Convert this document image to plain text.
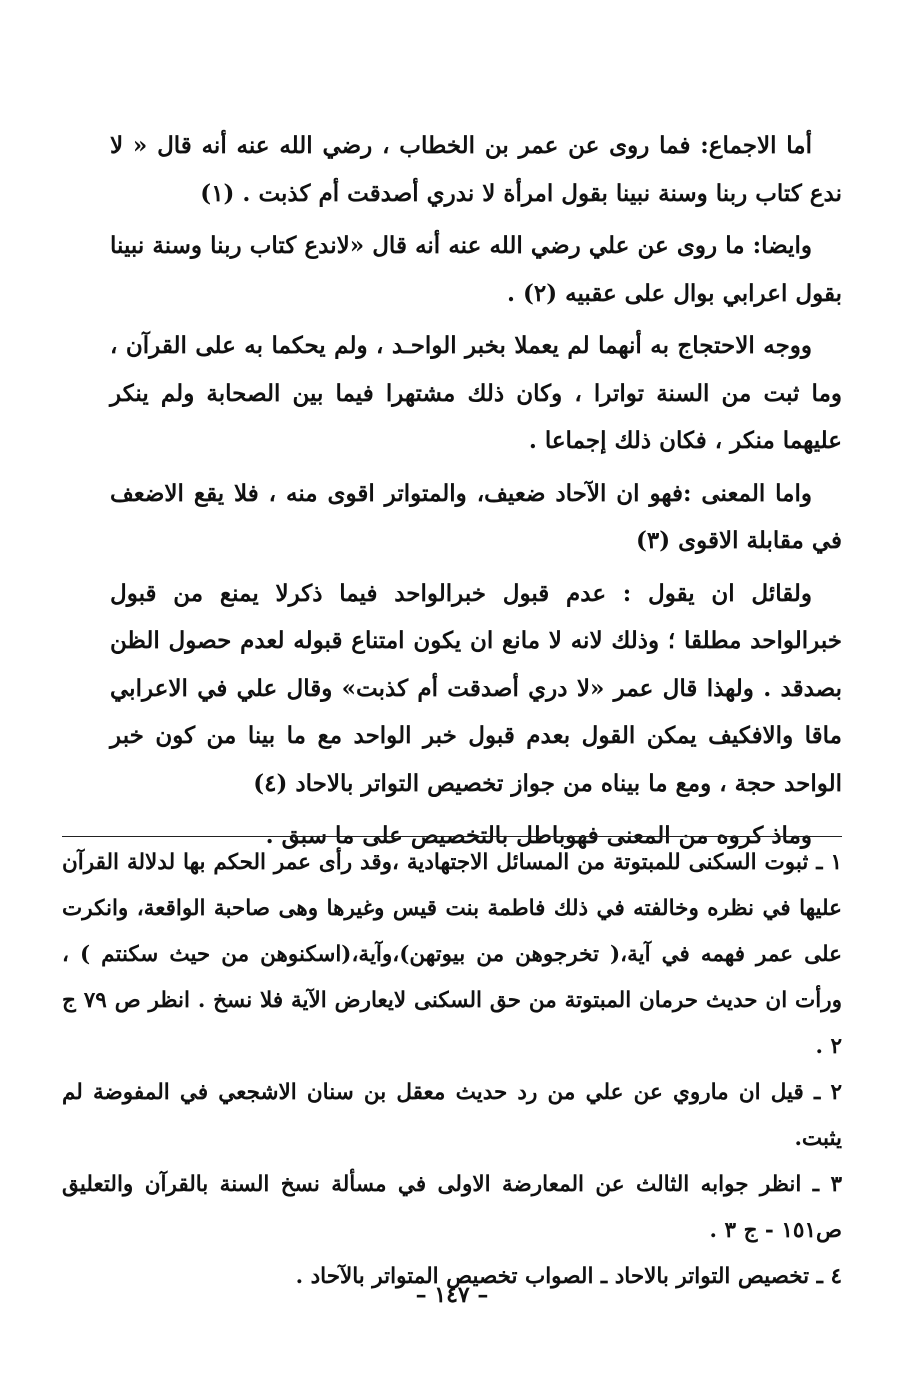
أما الاجماع: فما روى عن عمر بن الخطاب ، رضي الله عنه أنه قال « لا ندع كتاب ربنا وسنة نبينا بقول امرأة لا ندري أصدقت أم كذبت . (١)

وايضا: ما روى عن علي رضي الله عنه أنه قال «لاندع كتاب ربنا وسنة نبينا بقول اعرابي بوال على عقبيه (٢) .

ووجه الاحتجاج به أنهما لم يعملا بخبر الواحـد ، ولم يحكما به على القرآن ، وما ثبت من السنة تواترا ، وكان ذلك مشتهرا فيما بين الصحابة ولم ينكر عليهما منكر ، فكان ذلك إجماعا .

واما المعنى :فهو ان الآحاد ضعيف، والمتواتر اقوى منه ، فلا يقع الاضعف في مقابلة الاقوى (٣)

ولقائل ان يقول : عدم قبول خبرالواحد فيما ذكرلا يمنع من قبول خبرالواحد مطلقا ؛ وذلك لانه لا مانع ان يكون امتناع قبوله لعدم حصول الظن بصدقد . ولهذا قال عمر «لا دري أصدقت أم كذبت» وقال علي في الاعرابي ماقا والافكيف يمكن القول بعدم قبول خبر الواحد مع ما بينا من كون خبر الواحد حجة ، ومع ما بيناه من جواز تخصيص التواتر بالاحاد (٤)

وماذ كروه من المعنى فهوباطل بالتخصيص على ما سبق .

١ ـ ثبوت السكنى للمبتوتة من المسائل الاجتهادية ،وقد رأى عمر الحكم بها لدلالة القرآن عليها في نظره وخالفته في ذلك فاطمة بنت قيس وغيرها وهى صاحبة الواقعة، وانكرت على عمر فهمه في آية،( تخرجوهن من بيوتهن)،وآية،(اسكنوهن من حيث سكنتم ) ، ورأت ان حديث حرمان المبتوتة من حق السكنى لايعارض الآية فلا نسخ . انظر ص ٧٩ ج ٢ .

٢ ـ قيل ان ماروي عن علي من رد حديث معقل بن سنان الاشجعي في المفوضة لم يثبت.

٣ ـ انظر جوابه الثالث عن المعارضة الاولى في مسألة نسخ السنة بالقرآن والتعليق ص١٥١ - ج ٣ .

٤ ـ تخصيص التواتر بالاحاد ـ الصواب تخصيص المتواتر بالآحاد .

– ١٤٧ –
